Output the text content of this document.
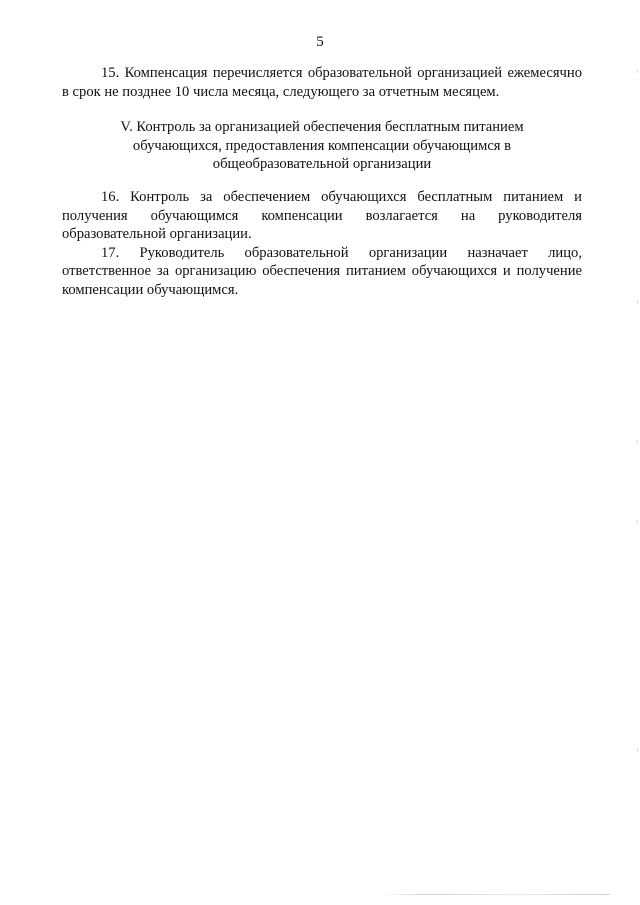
5

15. Компенсация перечисляется образовательной организацией ежемесячно в срок не позднее 10 числа месяца, следующего за отчетным месяцем.

V. Контроль за организацией обеспечения бесплатным питанием
обучающихся, предоставления компенсации обучающимся в
общеобразовательной организации

16. Контроль за обеспечением обучающихся бесплатным питанием и получения обучающимся компенсации возлагается на руководителя образовательной организации.

17. Руководитель образовательной организации назначает лицо, ответственное за организацию обеспечения питанием обучающихся и получение компенсации обучающимся.
